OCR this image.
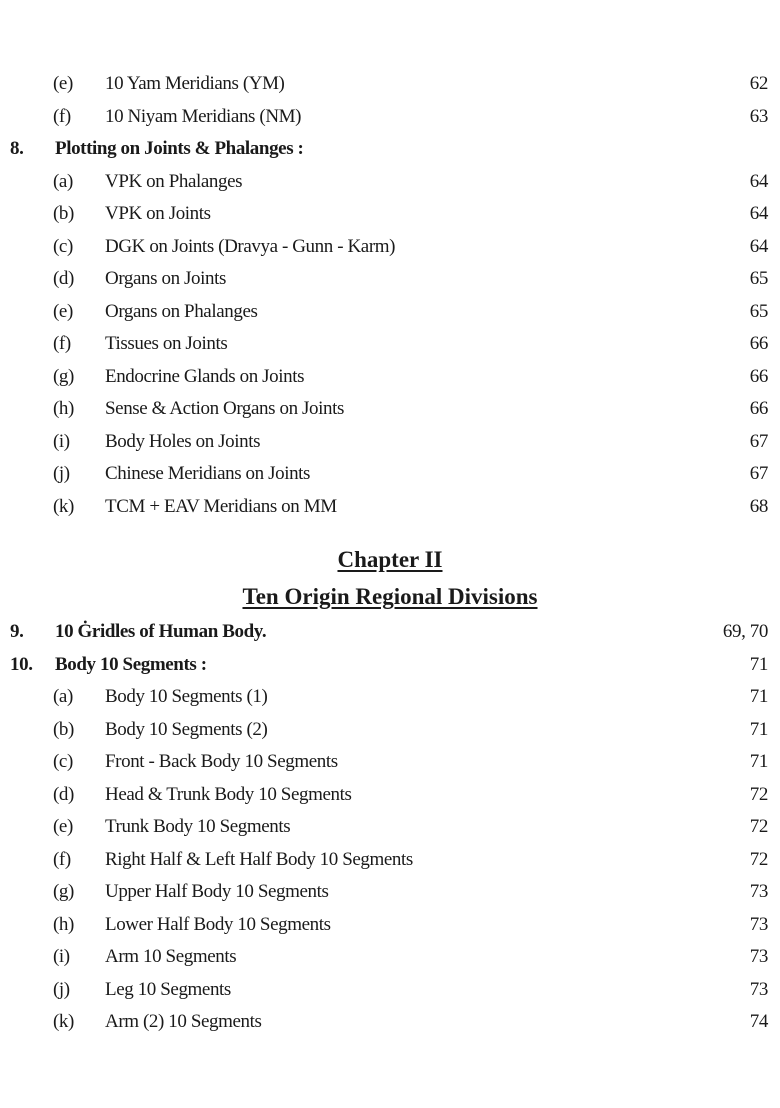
Chapter II
Ten Origin Regional Divisions
(e) 10 Yam Meridians (YM)	62
(f) 10 Niyam Meridians (NM)	63
8. Plotting on Joints & Phalanges :
(a) VPK on Phalanges	64
(b) VPK on Joints	64
(c) DGK on Joints (Dravya - Gunn - Karm)	64
(d) Organs on Joints	65
(e) Organs on Phalanges	65
(f) Tissues on Joints	66
(g) Endocrine Glands on Joints	66
(h) Sense & Action Organs on Joints	66
(i) Body Holes on Joints	67
(j) Chinese Meridians on Joints	67
(k) TCM + EAV Meridians on MM	68
9. 10 Ġridles of Human Body.	69, 70
10. Body 10 Segments :	71
(a) Body 10 Segments (1)	71
(b) Body 10 Segments (2)	71
(c) Front - Back Body 10 Segments	71
(d) Head & Trunk Body 10 Segments	72
(e) Trunk Body 10 Segments	72
(f) Right Half & Left Half Body 10 Segments	72
(g) Upper Half Body 10 Segments	73
(h) Lower Half Body 10 Segments	73
(i) Arm 10 Segments	73
(j) Leg 10 Segments	73
(k) Arm (2) 10 Segments	74
